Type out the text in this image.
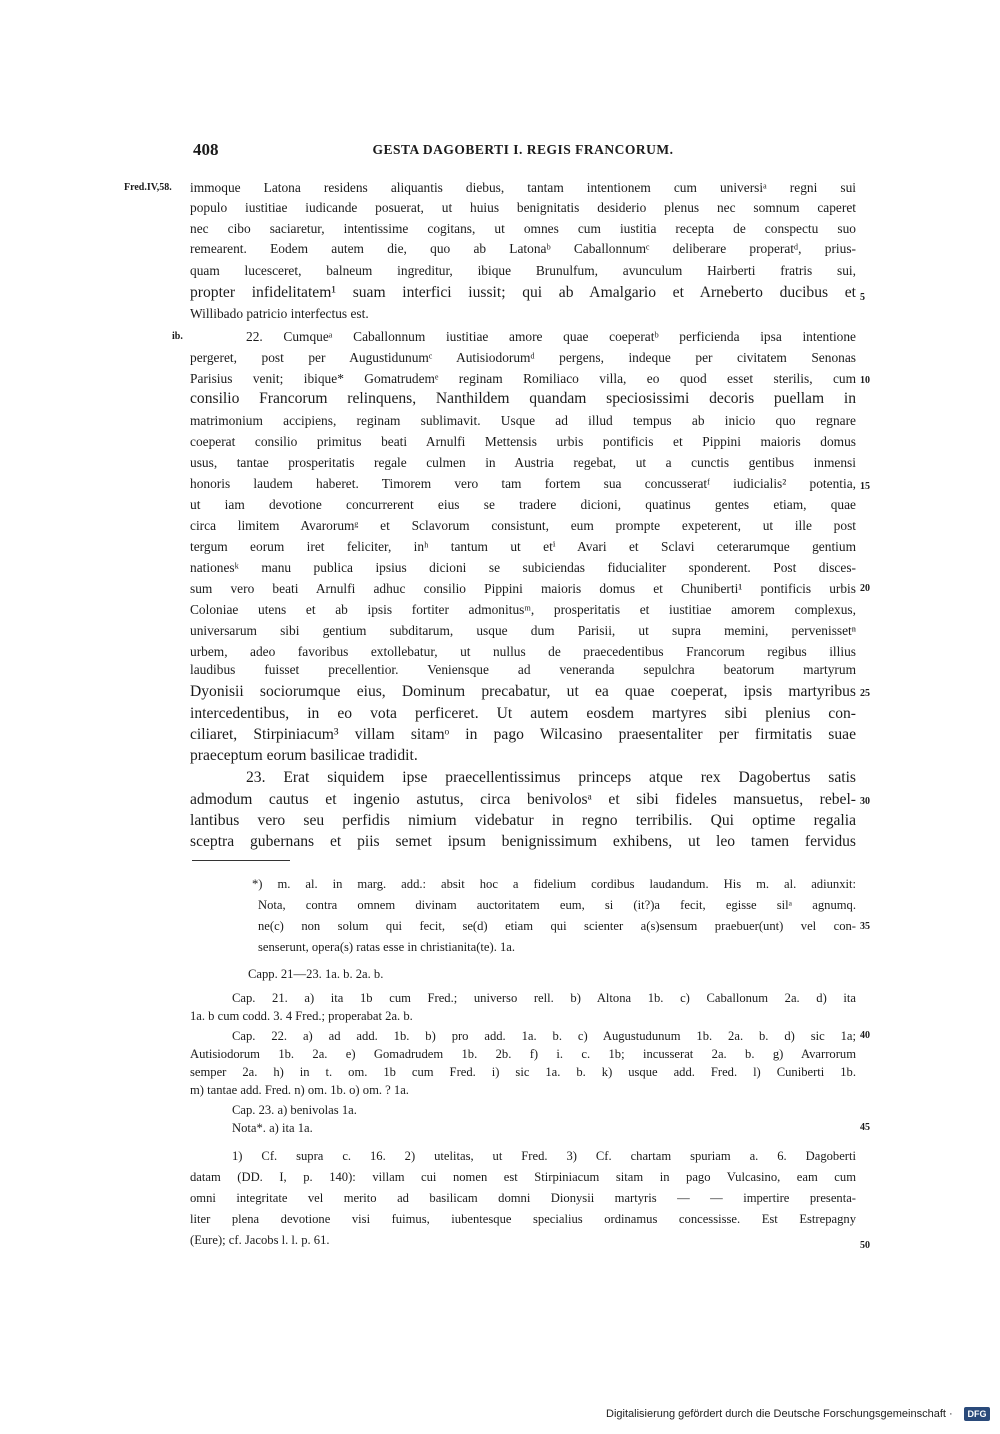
408	GESTA DAGOBERTI I. REGIS FRANCORUM.
Fred.IV,58.
ib.
5
10
15
20
25
30
35
40
45
50
immoque Latona residens aliquantis diebus, tantam intentionem cum universiᵃ regni sui
populo iustitiae iudicande posuerat, ut huius benignitatis desiderio plenus nec somnum caperet
nec cibo saciaretur, intentissime cogitans, ut omnes cum iustitia recepta de conspectu suo
remearent. Eodem autem die, quo ab Latonaᵇ Caballonnumᶜ deliberare properatᵈ, prius-
quam lucesceret, balneum ingreditur, ibique Brunulfum, avunculum Hairberti fratris sui,
propter infidelitatem¹ suam interfici iussit; qui ab Amalgario et Arneberto ducibus et
Willibado patricio interfectus est.
22. Cumqueᵃ Caballonnum iustitiae amore quae coeperatᵇ perficienda ipsa intentione
pergeret, post per Augustidunumᶜ Autisiodorumᵈ pergens, indeque per civitatem Senonas
Parisius venit; ibique* Gomatrudemᵉ reginam Romiliaco villa, eo quod esset sterilis, cum
consilio Francorum relinquens, Nanthildem quandam speciosissimi decoris puellam in
matrimonium accipiens, reginam sublimavit. Usque ad illud tempus ab inicio quo regnare
coeperat consilio primitus beati Arnulfi Mettensis urbis pontificis et Pippini maioris domus
usus, tantae prosperitatis regale culmen in Austria regebat, ut a cunctis gentibus inmensi
honoris laudem haberet. Timorem vero tam fortem sua concusseratᶠ iudicialis² potentia,
ut iam devotione concurrerent eius se tradere dicioni, quatinus gentes etiam, quae
circa limitem Avarorumᵍ et Sclavorum consistunt, eum prompte expeterent, ut ille post
tergum eorum iret feliciter, inʰ tantum ut etⁱ Avari et Sclavi ceterarumque gentium
nationesᵏ manu publica ipsius dicioni se subiciendas fiducialiter sponderent. Post disces-
sum vero beati Arnulfi adhuc consilio Pippini maioris domus et Chuniberti¹ pontificis urbis
Coloniae utens et ab ipsis fortiter admonitusᵐ, prosperitatis et iustitiae amorem complexus,
universarum sibi gentium subditarum, usque dum Parisii, ut supra memini, pervenissetⁿ
urbem, adeo favoribus extollebatur, ut nullus de praecedentibus Francorum regibus illius
laudibus fuisset precellentior. Veniensque ad veneranda sepulchra beatorum martyrum
Dyonisii sociorumque eius, Dominum precabatur, ut ea quae coeperat, ipsis martyribus
intercedentibus, in eo vota perficeret. Ut autem eosdem martyres sibi plenius con-
ciliaret, Stirpiniacum³ villam sitamᵒ in pago Wilcasino praesentaliter per firmitatis suae
praeceptum eorum basilicae tradidit.
23. Erat siquidem ipse praecellentissimus princeps atque rex Dagobertus satis
admodum cautus et ingenio astutus, circa benivolosᵃ et sibi fideles mansuetus, rebel-
lantibus vero seu perfidis nimium videbatur in regno terribilis. Qui optime regalia
sceptra gubernans et piis semet ipsum benignissimum exhibens, ut leo tamen fervidus
*) m. al. in marg. add.: absit hoc a fidelium cordibus laudandum. His m. al. adiunxit:
Nota, contra omnem divinam auctoritatem eum, si (it?)a fecit, egisse silᵃ agnumq.
ne(c) non solum qui fecit, se(d) etiam qui scienter a(s)sensum praebuer(unt) vel con-
senserunt, opera(s) ratas esse in christianita(te). 1a.
Capp. 21—23. 1a. b. 2a. b.
Cap. 21. a) ita 1b cum Fred.; universo rell. b) Altona 1b. c) Caballonum 2a. d) ita
1a. b cum codd. 3. 4 Fred.; properabat 2a. b.
Cap. 22. a) ad add. 1b. b) pro add. 1a. b. c) Augustudunum 1b. 2a. b. d) sic 1a;
Autisiodorum 1b. 2a. e) Gomadrudem 1b. 2b. f) i. c. 1b; incusserat 2a. b. g) Avarrorum
semper 2a. h) in t. om. 1b cum Fred. i) sic 1a. b. k) usque add. Fred. l) Cuniberti 1b.
m) tantae add. Fred. n) om. 1b. o) om. ? 1a.
Cap. 23. a) benivolas 1a.
Nota*. a) ita 1a.
1) Cf. supra c. 16. 2) utelitas, ut Fred. 3) Cf. chartam spuriam a. 6. Dagoberti
datam (DD. I, p. 140): villam cui nomen est Stirpiniacum sitam in pago Vulcasino, eam cum
omni integritate vel merito ad basilicam domni Dionysii martyris — — impertire presenta-
liter plena devotione visi fuimus, iubentesque specialius ordinamus concessisse. Est Estrepagny
(Eure); cf. Jacobs l. l. p. 61.
Digitalisierung gefördert durch die Deutsche Forschungsgemeinschaft ·	DFG
